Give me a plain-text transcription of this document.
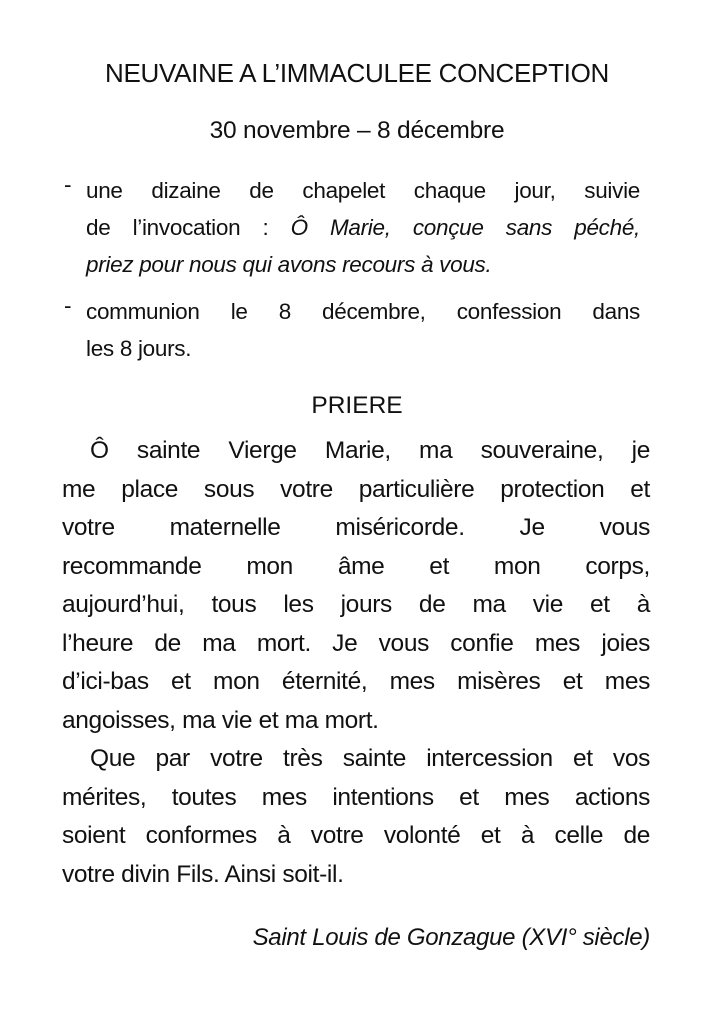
NEUVAINE A L’IMMACULEE CONCEPTION
30 novembre – 8 décembre
- une dizaine de chapelet chaque jour, suivie
de l’invocation : Ô Marie, conçue sans péché,
priez pour nous qui avons recours à vous.
- communion le 8 décembre, confession dans
les 8 jours.
PRIERE
Ô sainte Vierge Marie, ma souveraine, je
me place sous votre particulière protection et
votre maternelle miséricorde. Je vous
recommande mon âme et mon corps,
aujourd’hui, tous les jours de ma vie et à
l’heure de ma mort. Je vous confie mes joies
d’ici-bas et mon éternité, mes misères et mes
angoisses, ma vie et ma mort.
Que par votre très sainte intercession et vos
mérites, toutes mes intentions et mes actions
soient conformes à votre volonté et à celle de
votre divin Fils. Ainsi soit-il.
Saint Louis de Gonzague (XVI° siècle)
